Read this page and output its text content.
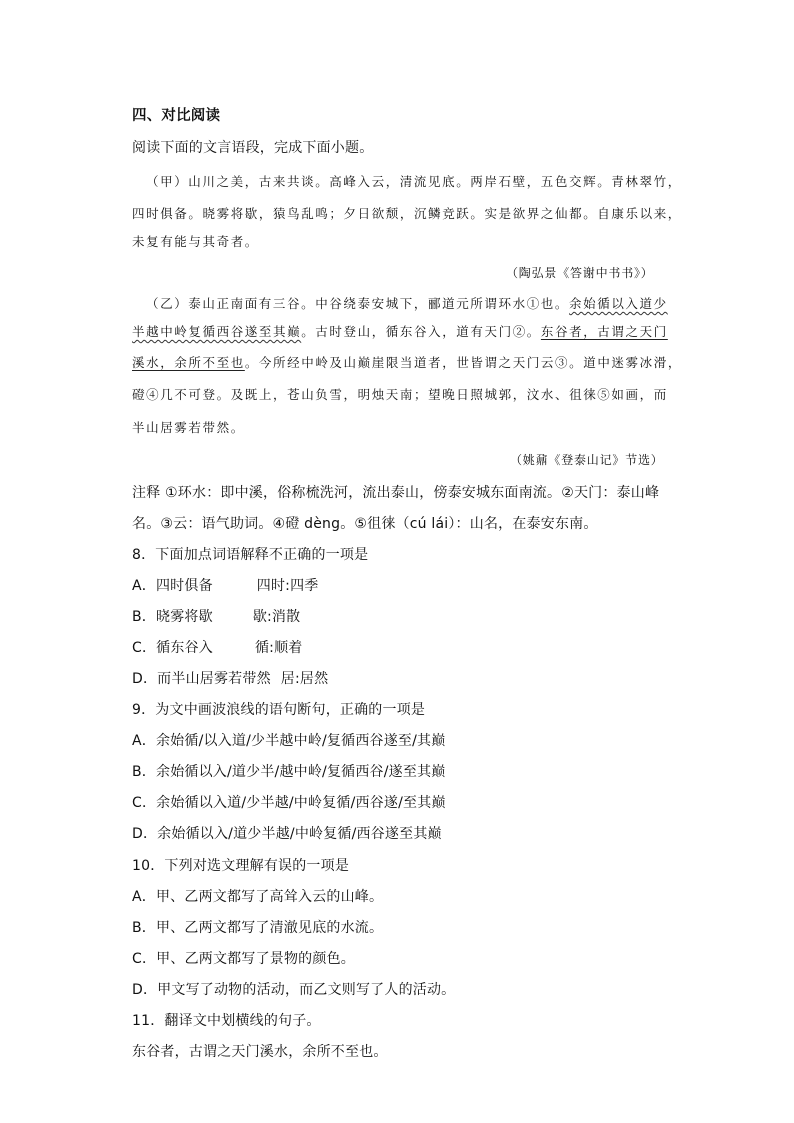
四、对比阅读
阅读下面的文言语段，完成下面小题。
（甲）山川之美，古来共谈。高峰入云，清流见底。两岸石壁，五色交辉。青林翠竹，
四时俱备。晓雾将歇，猿鸟乱鸣；夕日欲颓，沉鳞竞跃。实是欲界之仙都。自康乐以来，
未复有能与其奇者。
（陶弘景《答谢中书书》）
（乙）泰山正南面有三谷。中谷绕泰安城下，郦道元所谓环水①也。余始循以入道少
半越中岭复循西谷遂至其巅。古时登山，循东谷入，道有天门②。东谷者，古谓之天门
溪水，余所不至也。今所经中岭及山巅崖限当道者，世皆谓之天门云③。道中迷雾冰滑，
磴④几不可登。及既上，苍山负雪，明烛天南；望晚日照城郭，汶水、徂徕⑤如画，而
半山居雾若带然。
（姚鼐《登泰山记》节选）
注释 ①环水：即中溪，俗称梳洗河，流出泰山，傍泰安城东面南流。②天门：泰山峰
名。③云：语气助词。④磴 dèng。⑤徂徕（cú lái）：山名，在泰安东南。
8．下面加点词语解释不正确的一项是
A．四时俱备	四时:四季
B．晓雾将歇	歇:消散
C．循东谷入	循:顺着
D．而半山居雾若带然 居:居然
9．为文中画波浪线的语句断句，正确的一项是
A．余始循/以入道/少半越中岭/复循西谷遂至/其巅
B．余始循以入/道少半/越中岭/复循西谷/遂至其巅
C．余始循以入道/少半越/中岭复循/西谷遂/至其巅
D．余始循以入/道少半越/中岭复循/西谷遂至其巅
10．下列对选文理解有误的一项是
A．甲、乙两文都写了高耸入云的山峰。
B．甲、乙两文都写了清澈见底的水流。
C．甲、乙两文都写了景物的颜色。
D．甲文写了动物的活动，而乙文则写了人的活动。
11．翻译文中划横线的句子。
东谷者，古谓之天门溪水，余所不至也。
